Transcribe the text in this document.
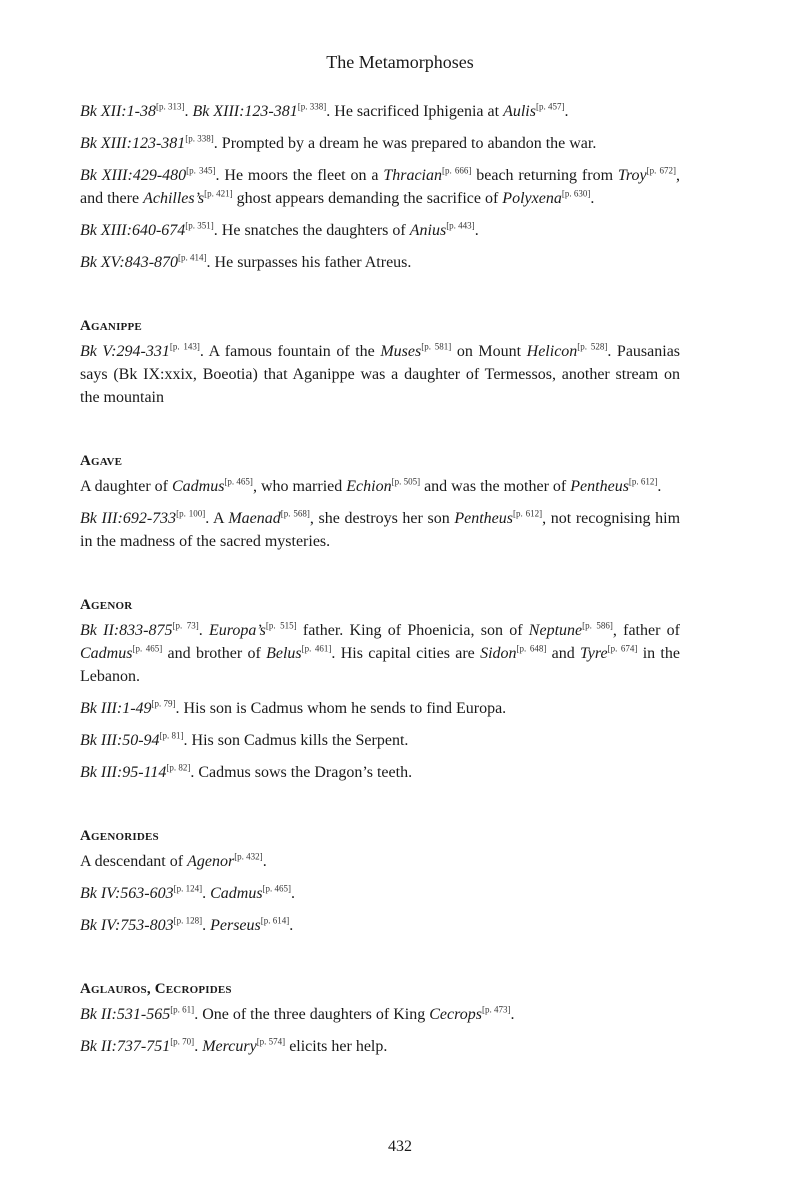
The Metamorphoses

Bk XII:1-38[p. 313]. Bk XIII:123-381[p. 338]. He sacrificed Iphigenia at Aulis[p. 457].

Bk XIII:123-381[p. 338]. Prompted by a dream he was prepared to abandon the war.

Bk XIII:429-480[p. 345]. He moors the fleet on a Thracian[p. 666] beach returning from Troy[p. 672], and there Achilles’s[p. 421] ghost appears demanding the sacrifice of Polyxena[p. 630].

Bk XIII:640-674[p. 351]. He snatches the daughters of Anius[p. 443].

Bk XV:843-870[p. 414]. He surpasses his father Atreus.

Aganippe

Bk V:294-331[p. 143]. A famous fountain of the Muses[p. 581] on Mount Helicon[p. 528]. Pausanias says (Bk IX:xxix, Boeotia) that Aganippe was a daughter of Termessos, another stream on the mountain

Agave

A daughter of Cadmus[p. 465], who married Echion[p. 505] and was the mother of Pentheus[p. 612].

Bk III:692-733[p. 100]. A Maenad[p. 568], she destroys her son Pentheus[p. 612], not recognising him in the madness of the sacred mysteries.

Agenor

Bk II:833-875[p. 73]. Europa’s[p. 515] father. King of Phoenicia, son of Neptune[p. 586], father of Cadmus[p. 465] and brother of Belus[p. 461]. His capital cities are Sidon[p. 648] and Tyre[p. 674] in the Lebanon.

Bk III:1-49[p. 79]. His son is Cadmus whom he sends to find Europa.

Bk III:50-94[p. 81]. His son Cadmus kills the Serpent.

Bk III:95-114[p. 82]. Cadmus sows the Dragon’s teeth.

Agenorides

A descendant of Agenor[p. 432].

Bk IV:563-603[p. 124]. Cadmus[p. 465].

Bk IV:753-803[p. 128]. Perseus[p. 614].

Aglauros, Cecropides

Bk II:531-565[p. 61]. One of the three daughters of King Cecrops[p. 473].

Bk II:737-751[p. 70]. Mercury[p. 574] elicits her help.

432
